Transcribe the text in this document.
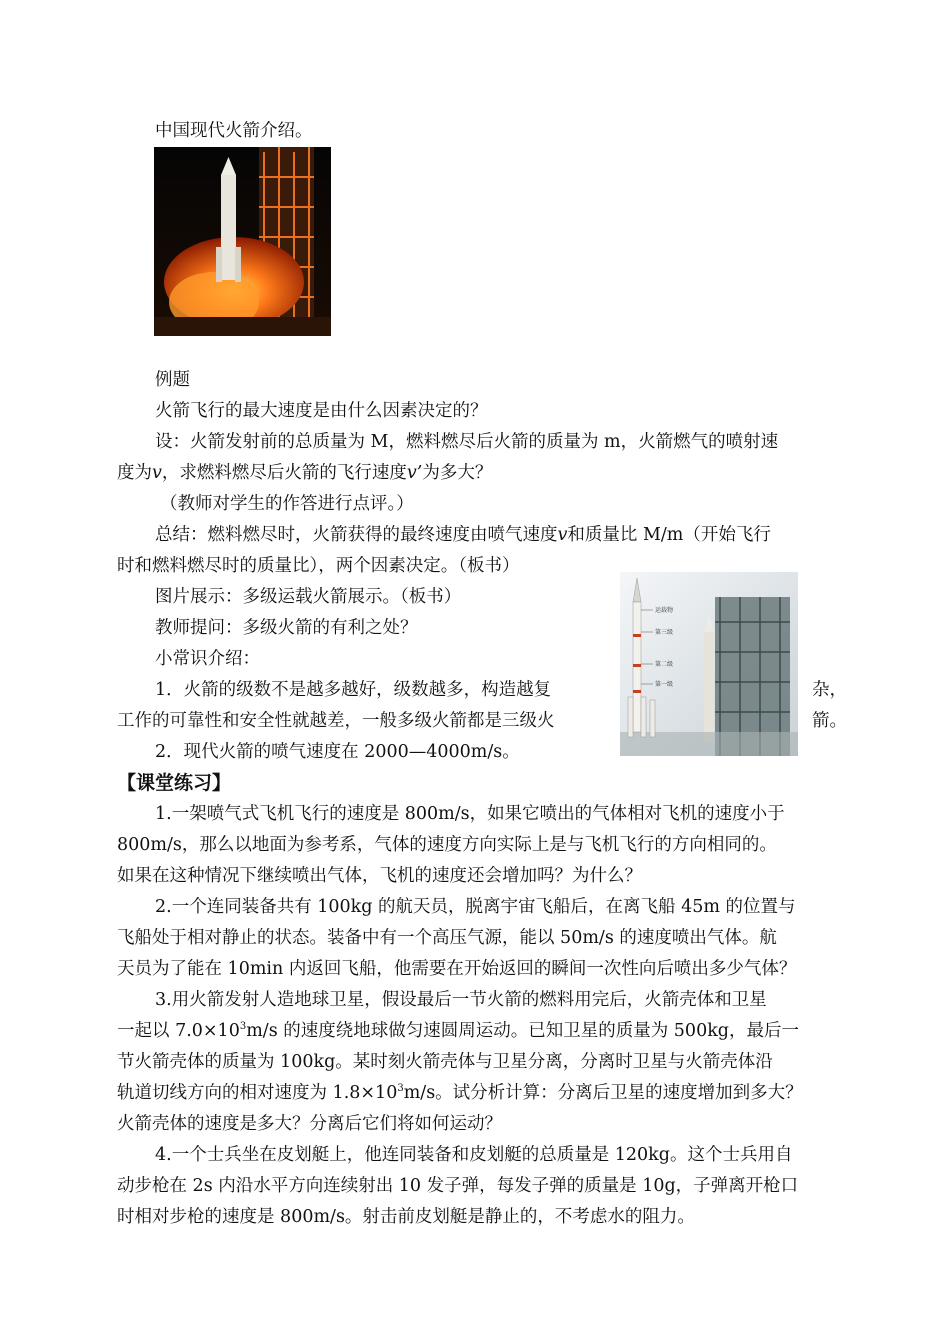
中国现代火箭介绍。
例题
火箭飞行的最大速度是由什么因素决定的？
设：火箭发射前的总质量为 M，燃料燃尽后火箭的质量为 m，火箭燃气的喷射速
度为v，求燃料燃尽后火箭的飞行速度v’为多大？
（教师对学生的作答进行点评。）
总结：燃料燃尽时，火箭获得的最终速度由喷气速度v和质量比 M/m（开始飞行
时和燃料燃尽时的质量比），两个因素决定。（板书）
图片展示：多级运载火箭展示。（板书）
教师提问：多级火箭的有利之处？
小常识介绍：
1．火箭的级数不是越多越好，级数越多，构造越复	杂，
工作的可靠性和安全性就越差，一般多级火箭都是三级火	箭。
2．现代火箭的喷气速度在 2000—4000m/s。
运载物
第三级
第二级
第一级
【课堂练习】
1.一架喷气式飞机飞行的速度是 800m/s，如果它喷出的气体相对飞机的速度小于
800m/s，那么以地面为参考系，气体的速度方向实际上是与飞机飞行的方向相同的。
如果在这种情况下继续喷出气体，飞机的速度还会增加吗？为什么？
2.一个连同装备共有 100kg 的航天员，脱离宇宙飞船后，在离飞船 45m 的位置与
飞船处于相对静止的状态。装备中有一个高压气源，能以 50m/s 的速度喷出气体。航
天员为了能在 10min 内返回飞船，他需要在开始返回的瞬间一次性向后喷出多少气体？
3.用火箭发射人造地球卫星，假设最后一节火箭的燃料用完后，火箭壳体和卫星
一起以 $7.0\times 10^3m/s$ 的速度绕地球做匀速圆周运动。已知卫星的质量为 500kg，最后一
节火箭壳体的质量为 100kg。某时刻火箭壳体与卫星分离，分离时卫星与火箭壳体沿
轨道切线方向的相对速度为 $1.8\times 10^3m/s$。试分析计算：分离后卫星的速度增加到多大？
火箭壳体的速度是多大？分离后它们将如何运动？
4.一个士兵坐在皮划艇上，他连同装备和皮划艇的总质量是 120kg。这个士兵用自
动步枪在 2s 内沿水平方向连续射出 10 发子弹，每发子弹的质量是 10g，子弹离开枪口
时相对步枪的速度是 800m/s。射击前皮划艇是静止的，不考虑水的阻力。
